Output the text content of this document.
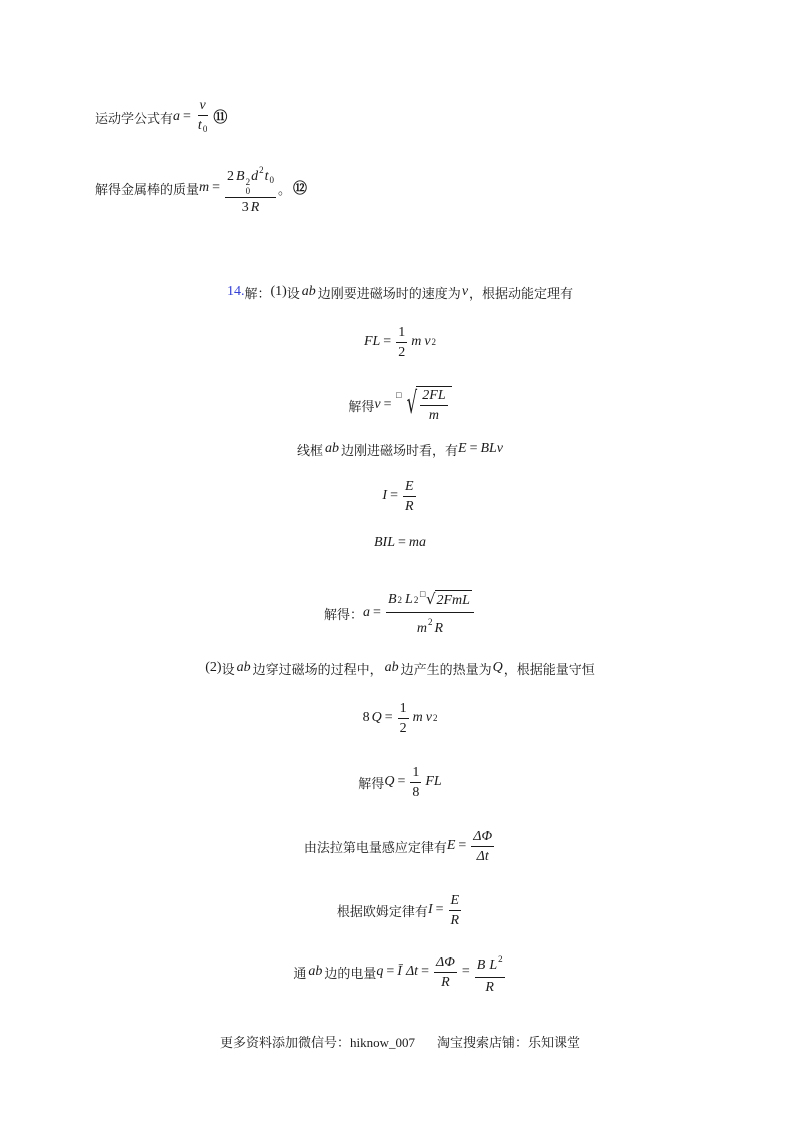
运动学公式有 $a = \frac{v}{t_0}$ ⑪
解得金属棒的质量 m = 2 B 2
0
$d^2t_0$
3 R 。 ⑫
14. 解： (1) 设 ab 边刚要进磁场时的速度为 v ，根据动能定理有
FL = $\frac{1}{2}$ m v 2
解得 v =
□ √ $\frac{2FL}{m}$
线框 ab 边刚进磁场时看，有 E = BLv
$I = \frac{E}{R}$
BIL = ma
解得： a = B 2 L 2
□ √ 2FmL
$m^2$ R
(2) 设 ab 边穿过磁场的过程中， ab 边产生的热量为 Q ，根据能量守恒
8 $Q = \frac{1}{2}$ m v 2
解得 $Q = \frac{1}{8}$ FL
由法拉第电量感应定律有 $E = \frac{\Delta\Phi}{\Delta t}$
根据欧姆定律有 $I = \frac{E}{R}$
通 ab 边的电量 q = Ī $\Delta t = \frac{\Delta\Phi}{R} = \frac{B L^2}{R}$
更多资料添加微信号：hiknow_007 淘宝搜索店铺：乐知课堂
